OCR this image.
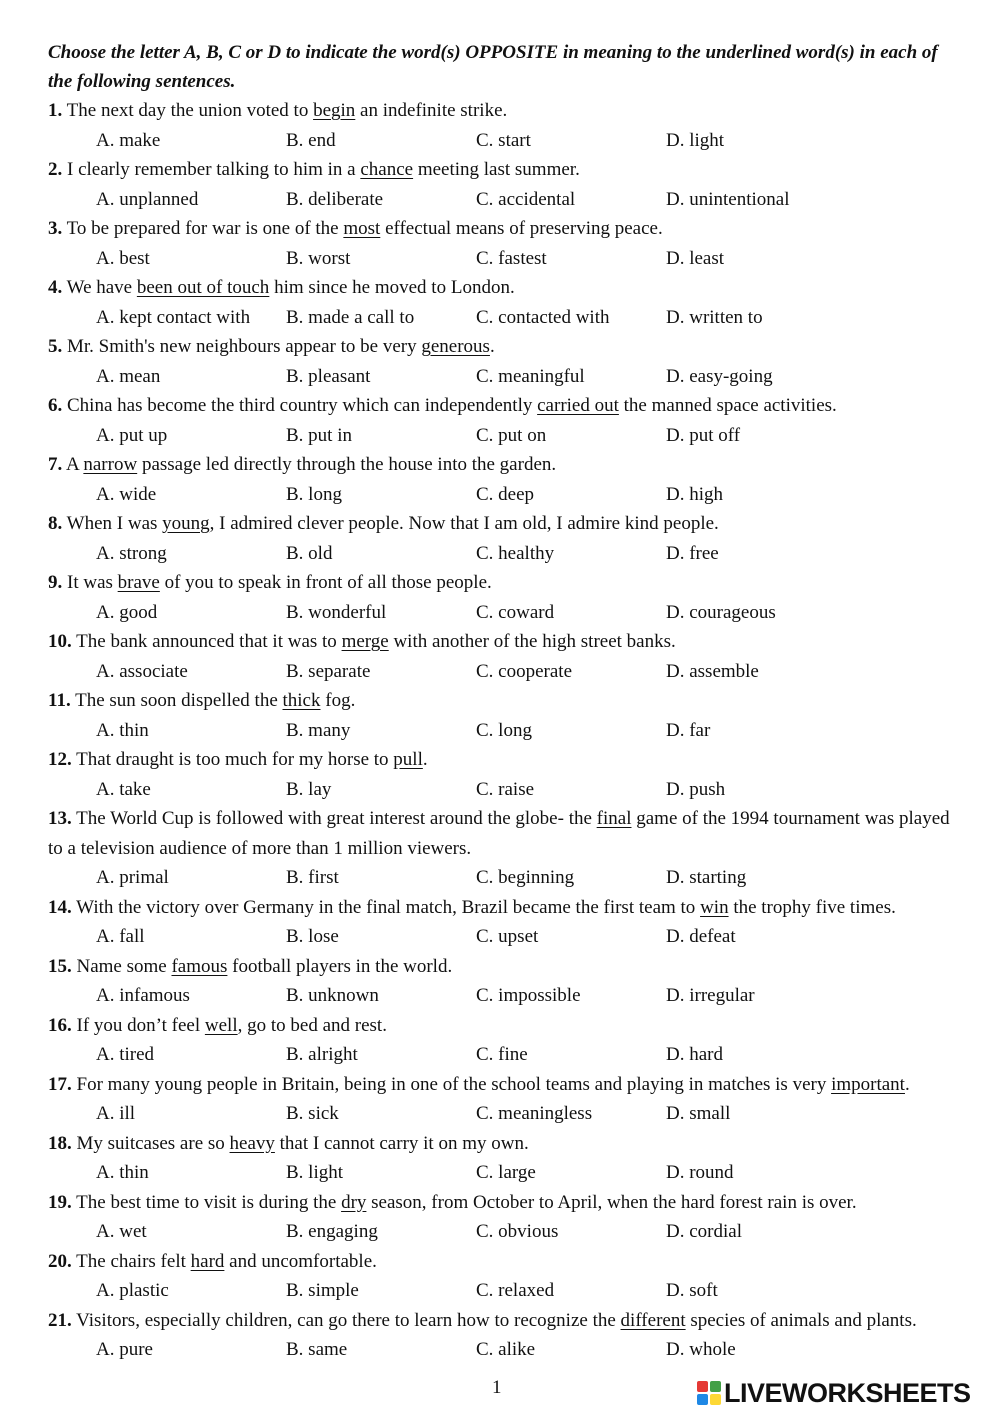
Choose the letter A, B, C or D to indicate the word(s) OPPOSITE in meaning to the underlined word(s) in each of the following sentences.

1. The next day the union voted to begin an indefinite strike.

A. make	B. end	C. start	D. light

2. I clearly remember talking to him in a chance meeting last summer.

A. unplanned	B. deliberate	C. accidental	D. unintentional

3. To be prepared for war is one of the most effectual means of preserving peace.

A. best	B. worst	C. fastest	D. least

4. We have been out of touch him since he moved to London.

A. kept contact with	B. made a call to	C. contacted with	D. written to

5. Mr. Smith's new neighbours appear to be very generous.

A. mean	B. pleasant	C. meaningful	D. easy-going

6. China has become the third country which can independently carried out the manned space activities.

A. put up	B. put in	C. put on	D. put off

7. A narrow passage led directly through the house into the garden.

A. wide	B. long	C. deep	D. high

8. When I was young, I admired clever people. Now that I am old, I admire kind people.

A. strong	B. old	C. healthy	D. free

9. It was brave of you to speak in front of all those people.

A. good	B. wonderful	C. coward	D. courageous

10. The bank announced that it was to merge with another of the high street banks.

A. associate	B. separate	C. cooperate	D. assemble

11. The sun soon dispelled the thick fog.

A. thin	B. many	C. long	D. far

12. That draught is too much for my horse to pull.

A. take	B. lay	C. raise	D. push

13. The World Cup is followed with great interest around the globe- the final game of the 1994 tournament was played to a television audience of more than 1 million viewers.

A. primal	B. first	C. beginning	D. starting

14. With the victory over Germany in the final match, Brazil became the first team to win the trophy five times.

A. fall	B. lose	C. upset	D. defeat

15. Name some famous football players in the world.

A. infamous	B. unknown	C. impossible	D. irregular

16. If you don’t feel well, go to bed and rest.

A. tired	B. alright	C. fine	D. hard

17. For many young people in Britain, being in one of the school teams and playing in matches is very important.

A. ill	B. sick	C. meaningless	D. small

18. My suitcases are so heavy that I cannot carry it on my own.

A. thin	B. light	C. large	D. round

19. The best time to visit is during the dry season, from October to April, when the hard forest rain is over.

A. wet	B. engaging	C. obvious	D. cordial

20. The chairs felt hard and uncomfortable.

A. plastic	B. simple	C. relaxed	D. soft

21. Visitors, especially children, can go there to learn how to recognize the different species of animals and plants.

A. pure	B. same	C. alike	D. whole
1	LIVEWORKSHEETS
